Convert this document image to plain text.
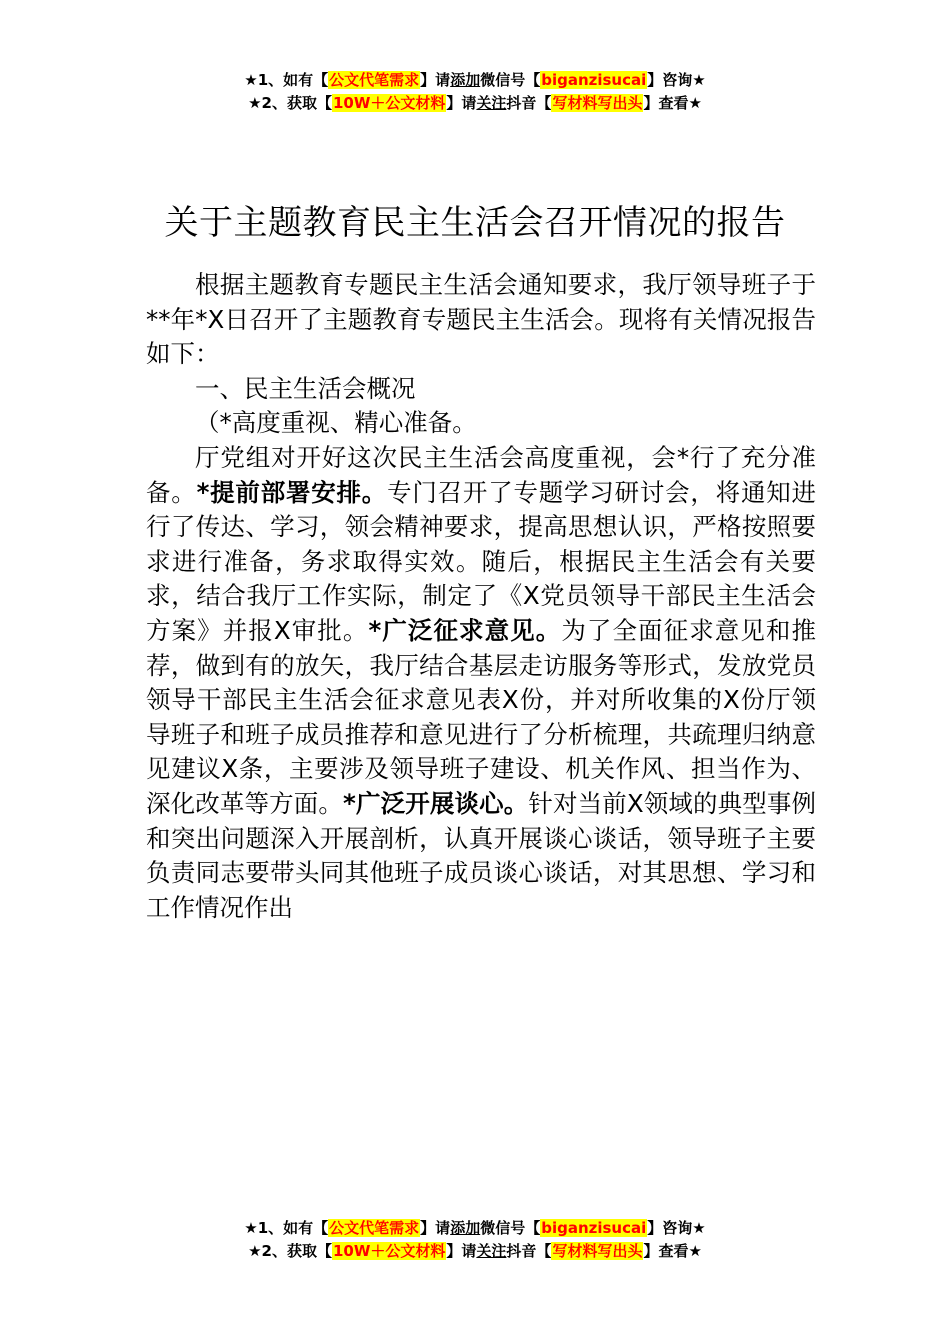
★1、如有【公文代笔需求】请添加微信号【biganzisucai】咨询★
★2、获取【10W＋公文材料】请关注抖音【写材料写出头】查看★
关于主题教育民主生活会召开情况的报告

根据主题教育专题民主生活会通知要求，我厅领导班子于**年*X日召开了主题教育专题民主生活会。现将有关情况报告如下：

一、民主生活会概况

（*高度重视、精心准备。

厅党组对开好这次民主生活会高度重视，会*行了充分准备。*提前部署安排。专门召开了专题学习研讨会，将通知进行了传达、学习，领会精神要求，提高思想认识，严格按照要求进行准备，务求取得实效。随后，根据民主生活会有关要求，结合我厅工作实际，制定了《X党员领导干部民主生活会方案》并报X审批。*广泛征求意见。为了全面征求意见和推荐，做到有的放矢，我厅结合基层走访服务等形式，发放党员领导干部民主生活会征求意见表X份，并对所收集的X份厅领导班子和班子成员推荐和意见进行了分析梳理，共疏理归纳意见建议X条，主要涉及领导班子建设、机关作风、担当作为、深化改革等方面。*广泛开展谈心。针对当前X领域的典型事例和突出问题深入开展剖析，认真开展谈心谈话，领导班子主要负责同志要带头同其他班子成员谈心谈话，对其思想、学习和工作情况作出

★1、如有【公文代笔需求】请添加微信号【biganzisucai】咨询★
★2、获取【10W＋公文材料】请关注抖音【写材料写出头】查看★
